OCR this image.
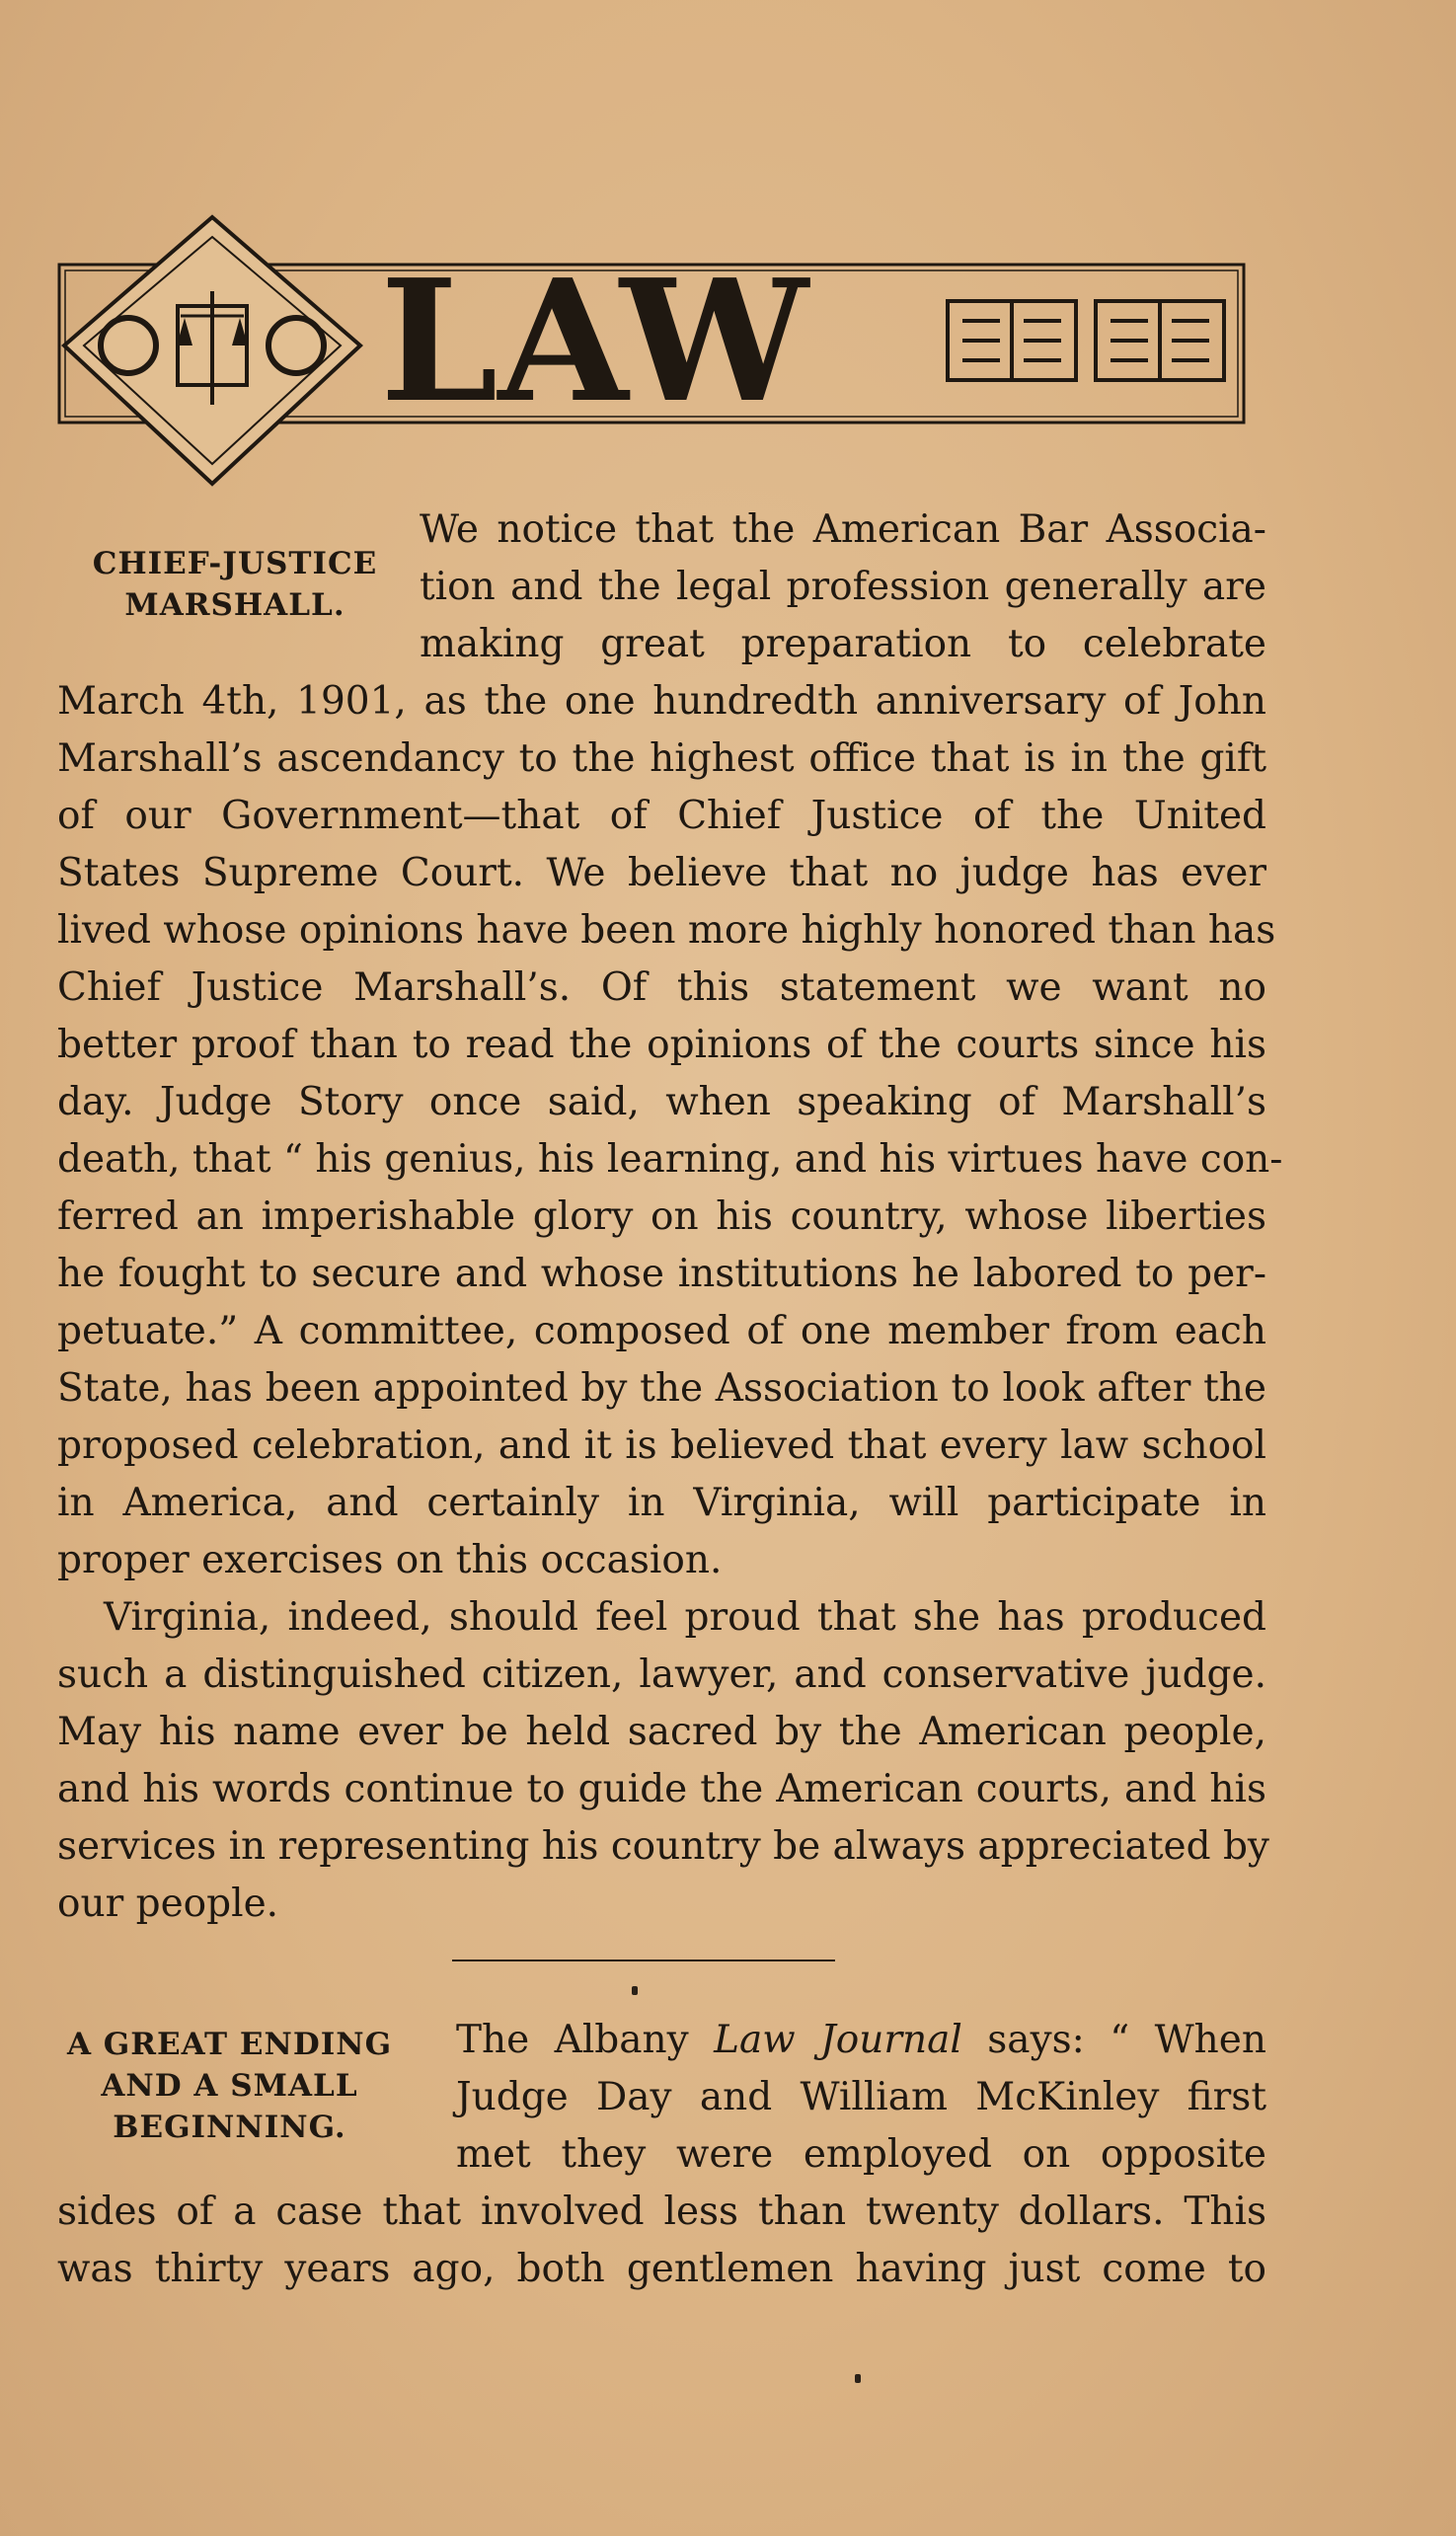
LAW
CHIEF-JUSTICE
MARSHALL.
We notice that the American Bar Associa-
tion and the legal profession generally are
making great preparation to celebrate
March 4th, 1901, as the one hundredth anniversary of John
Marshall’s ascendancy to the highest office that is in the gift
of our Government—that of Chief Justice of the United
States Supreme Court. We believe that no judge has ever
lived whose opinions have been more highly honored than has
Chief Justice Marshall’s. Of this statement we want no
better proof than to read the opinions of the courts since his
day. Judge Story once said, when speaking of Marshall’s
death, that “ his genius, his learning, and his virtues have con-
ferred an imperishable glory on his country, whose liberties
he fought to secure and whose institutions he labored to per-
petuate.” A committee, composed of one member from each
State, has been appointed by the Association to look after the
proposed celebration, and it is believed that every law school
in America, and certainly in Virginia, will participate in
proper exercises on this occasion.
Virginia, indeed, should feel proud that she has produced
such a distinguished citizen, lawyer, and conservative judge.
May his name ever be held sacred by the American people,
and his words continue to guide the American courts, and his
services in representing his country be always appreciated by
our people.
A GREAT ENDING
AND A SMALL
BEGINNING.
The Albany Law Journal says: “ When
Judge Day and William McKinley first
met they were employed on opposite
sides of a case that involved less than twenty dollars. This
was thirty years ago, both gentlemen having just come to
